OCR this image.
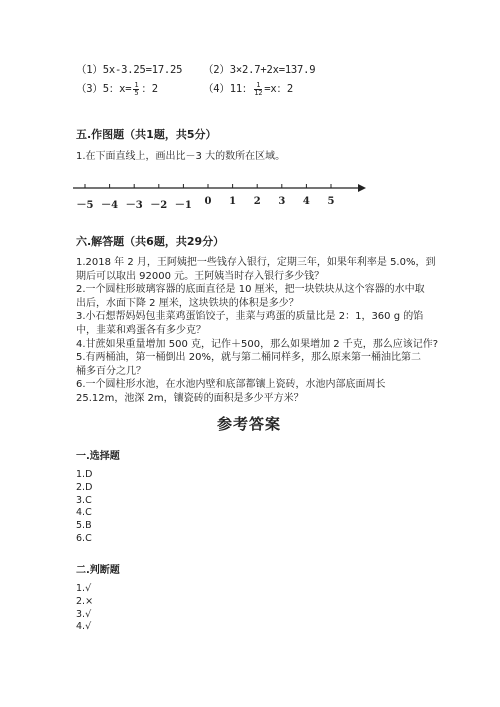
（1）5x-3.25=17.25 （2）3×2.7+2x=137.9
（3）5：$x= \frac{1}{5}$ ：2	（4）11： $\frac{1}{12} =x$：2
五.作图题（共1题，共5分）
1.在下面直线上，画出比－3 大的数所在区域。
－5 －4 －3 －2 －1 0 1 2 3 4 5
六.解答题（共6题，共29分）
1.2018 年 2 月，王阿姨把一些钱存入银行，定期三年，如果年利率是 5.0%，到
期后可以取出 92000 元。王阿姨当时存入银行多少钱？
2.一个圆柱形玻璃容器的底面直径是 10 厘米，把一块铁块从这个容器的水中取
出后，水面下降 2 厘米，这块铁块的体积是多少？
3.小石想帮妈妈包韭菜鸡蛋馅饺子，韭菜与鸡蛋的质量比是 2：1，360 g 的馅
中，韭菜和鸡蛋各有多少克？
4.甘蔗如果重量增加 500 克，记作＋500，那么如果增加 2 千克，那么应该记作?
5.有两桶油，第一桶倒出 20%，就与第二桶同样多，那么原来第一桶油比第二
桶多百分之几？
6.一个圆柱形水池，在水池内壁和底部都镶上瓷砖，水池内部底面周长
25.12m，池深 2m，镶瓷砖的面积是多少平方米？
参考答案
一.选择题
1.D
2.D
3.C
4.C
5.B
6.C
二.判断题
1.√
2.×
3.√
4.√
